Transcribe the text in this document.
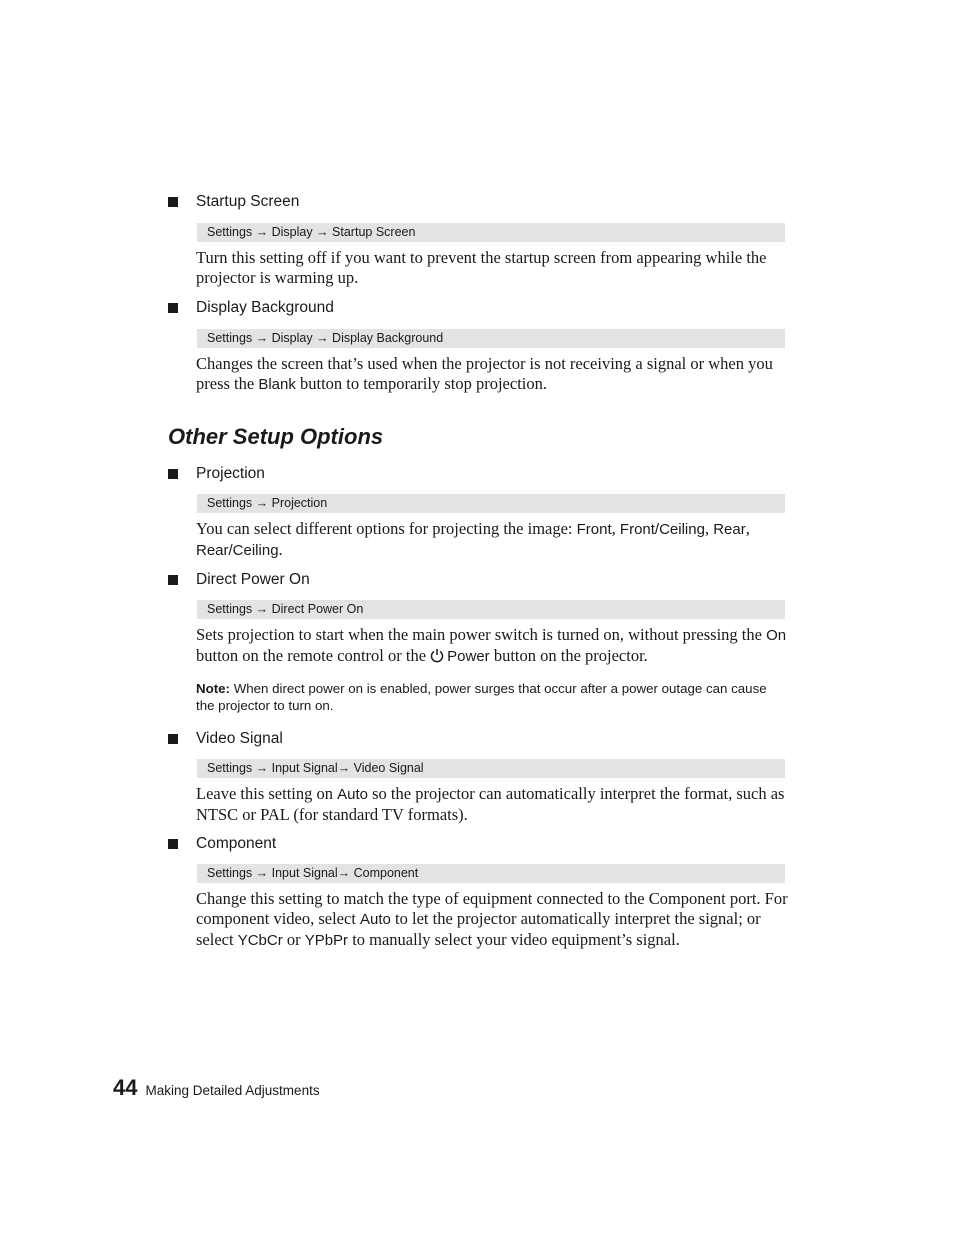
Startup Screen
Settings → Display → Startup Screen
Turn this setting off if you want to prevent the startup screen from appearing while the projector is warming up.
Display Background
Settings → Display → Display Background
Changes the screen that’s used when the projector is not receiving a signal or when you press the Blank button to temporarily stop projection.
Other Setup Options
Projection
Settings → Projection
You can select different options for projecting the image: Front, Front/Ceiling, Rear, Rear/Ceiling.
Direct Power On
Settings → Direct Power On
Sets projection to start when the main power switch is turned on, without pressing the On button on the remote control or the Power button on the projector.
Note: When direct power on is enabled, power surges that occur after a power outage can cause the projector to turn on.
Video Signal
Settings → Input Signal→ Video Signal
Leave this setting on Auto so the projector can automatically interpret the format, such as NTSC or PAL (for standard TV formats).
Component
Settings → Input Signal→ Component
Change this setting to match the type of equipment connected to the Component port. For component video, select Auto to let the projector automatically interpret the signal; or select YCbCr or YPbPr to manually select your video equipment’s signal.
44 Making Detailed Adjustments
